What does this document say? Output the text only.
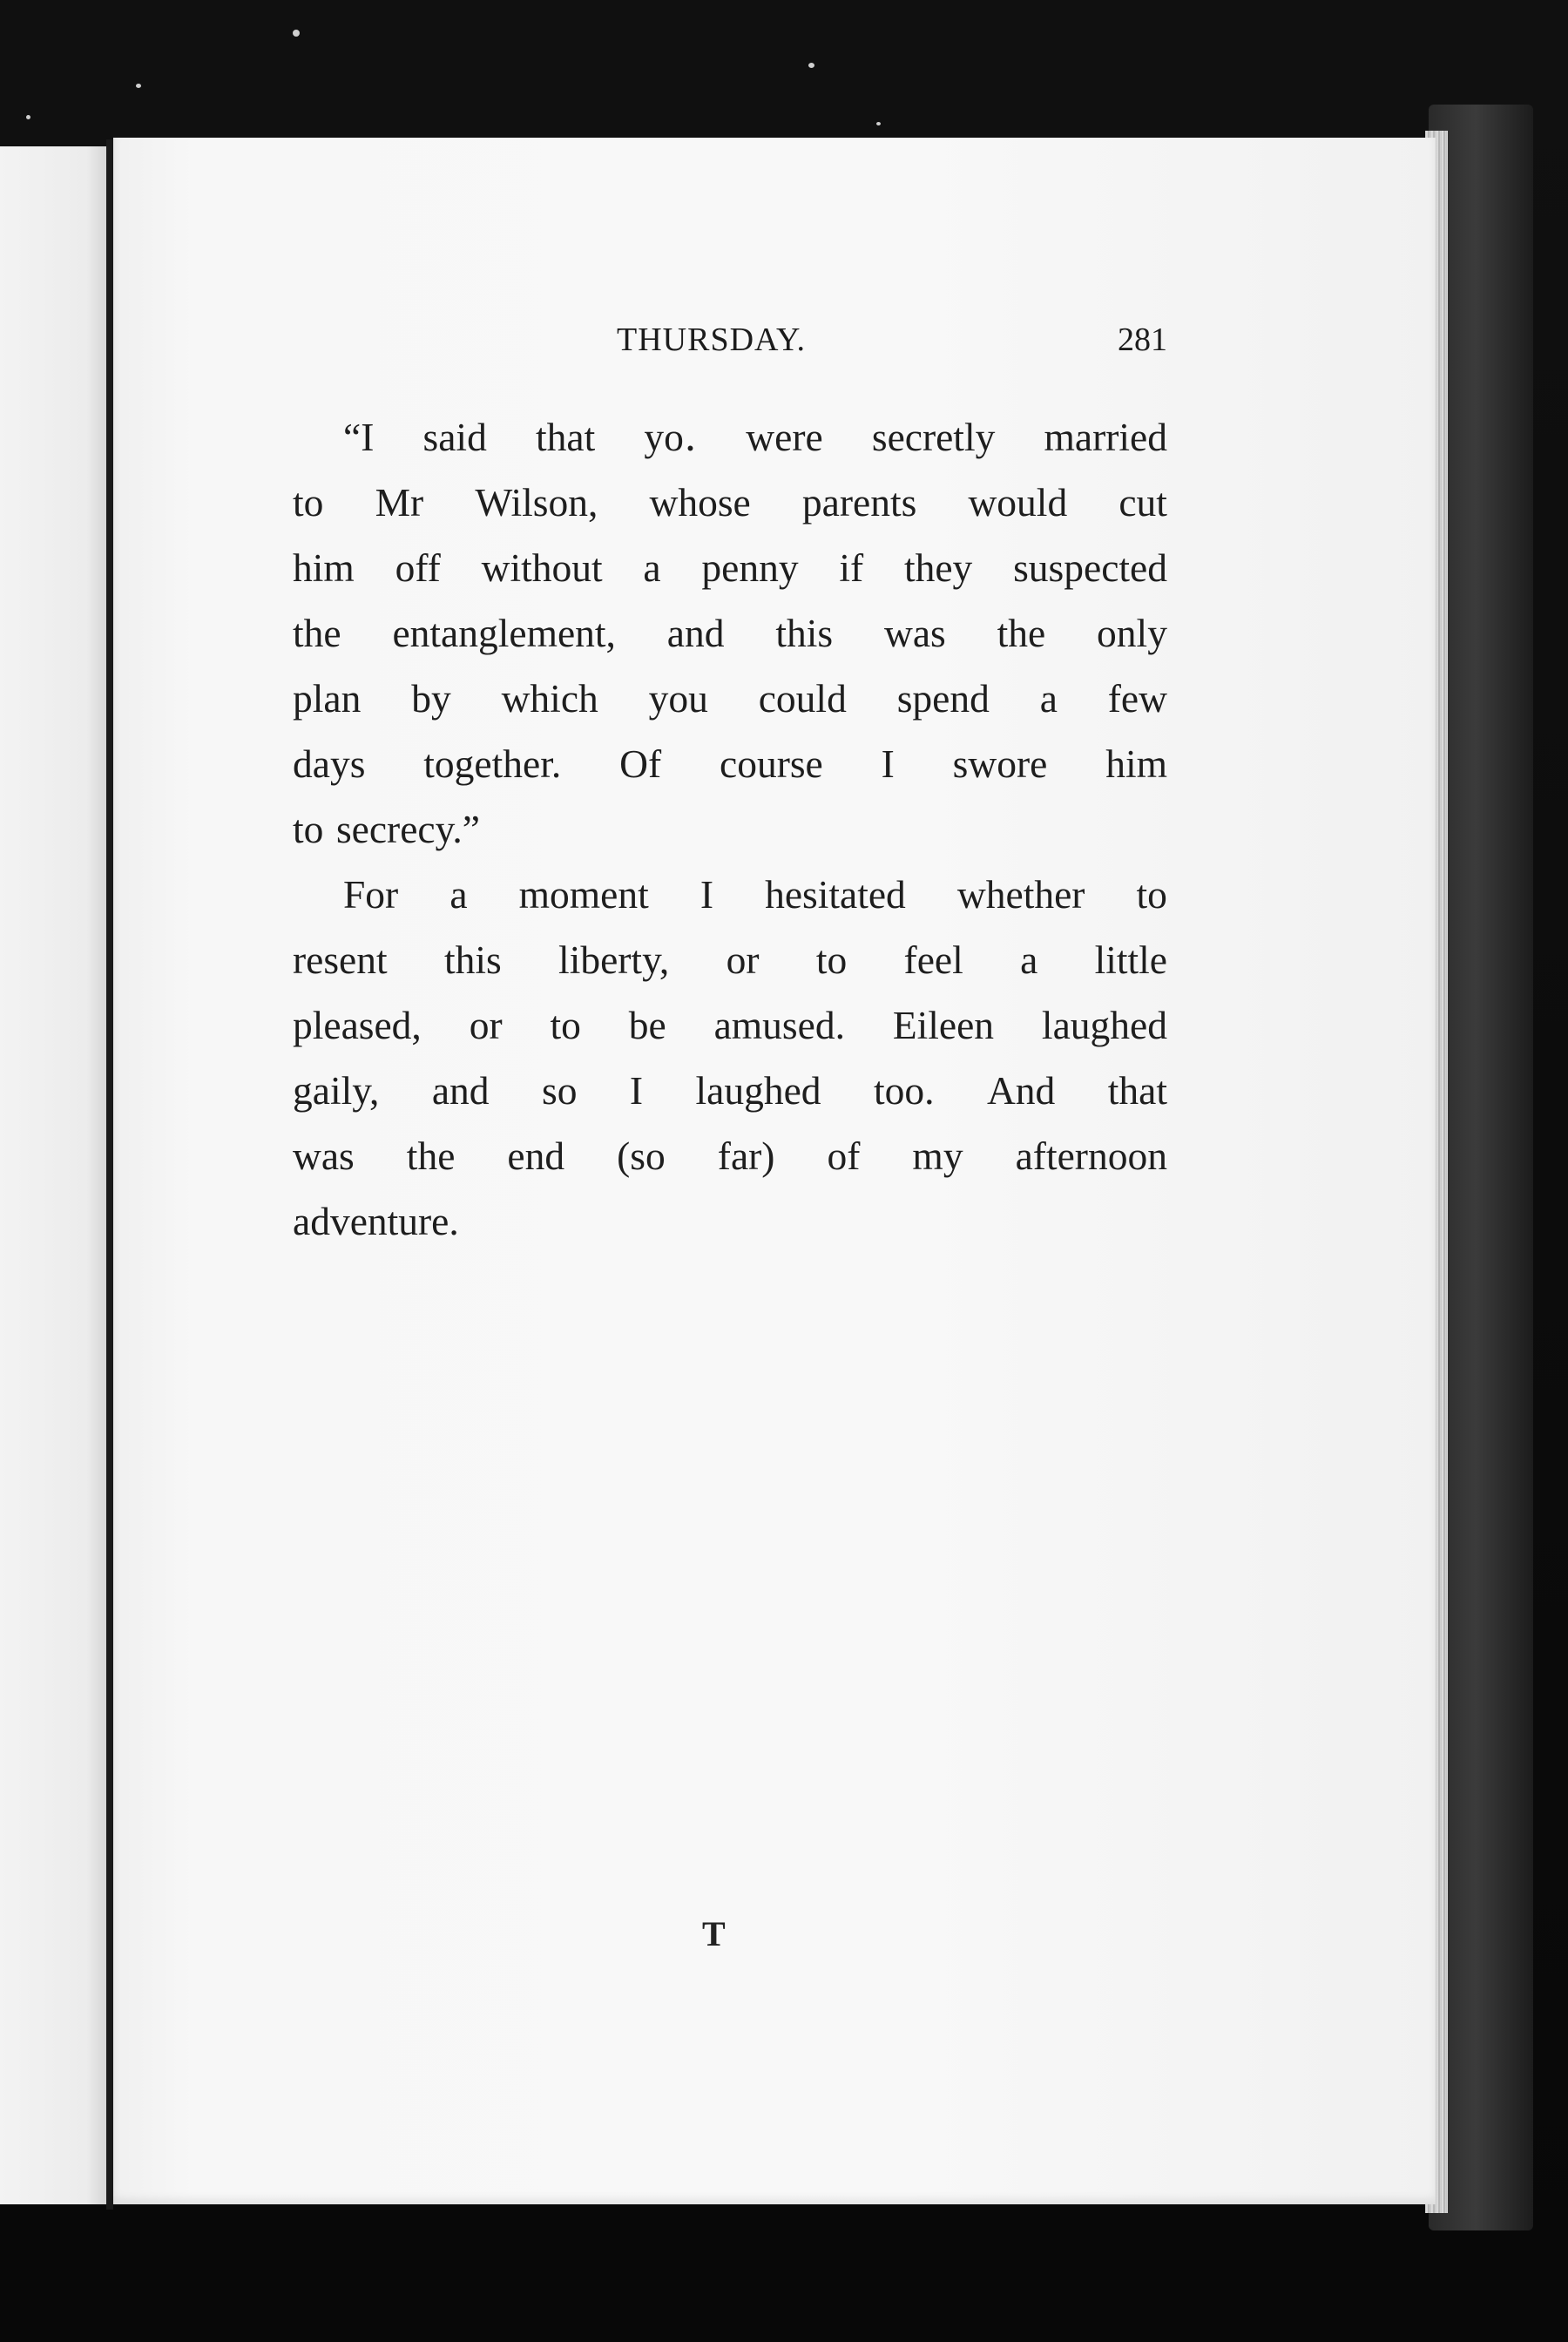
THURSDAY.	281
“I said that yo․ were secretly married
to Mr Wilson, whose parents would cut
him off without a penny if they suspected
the entanglement, and this was the only
plan by which you could spend a few
days together. Of course I swore him
to secrecy.”
For a moment I hesitated whether to
resent this liberty, or to feel a little
pleased, or to be amused. Eileen laughed
gaily, and so I laughed too. And that
was the end (so far) of my afternoon
adventure.
T
